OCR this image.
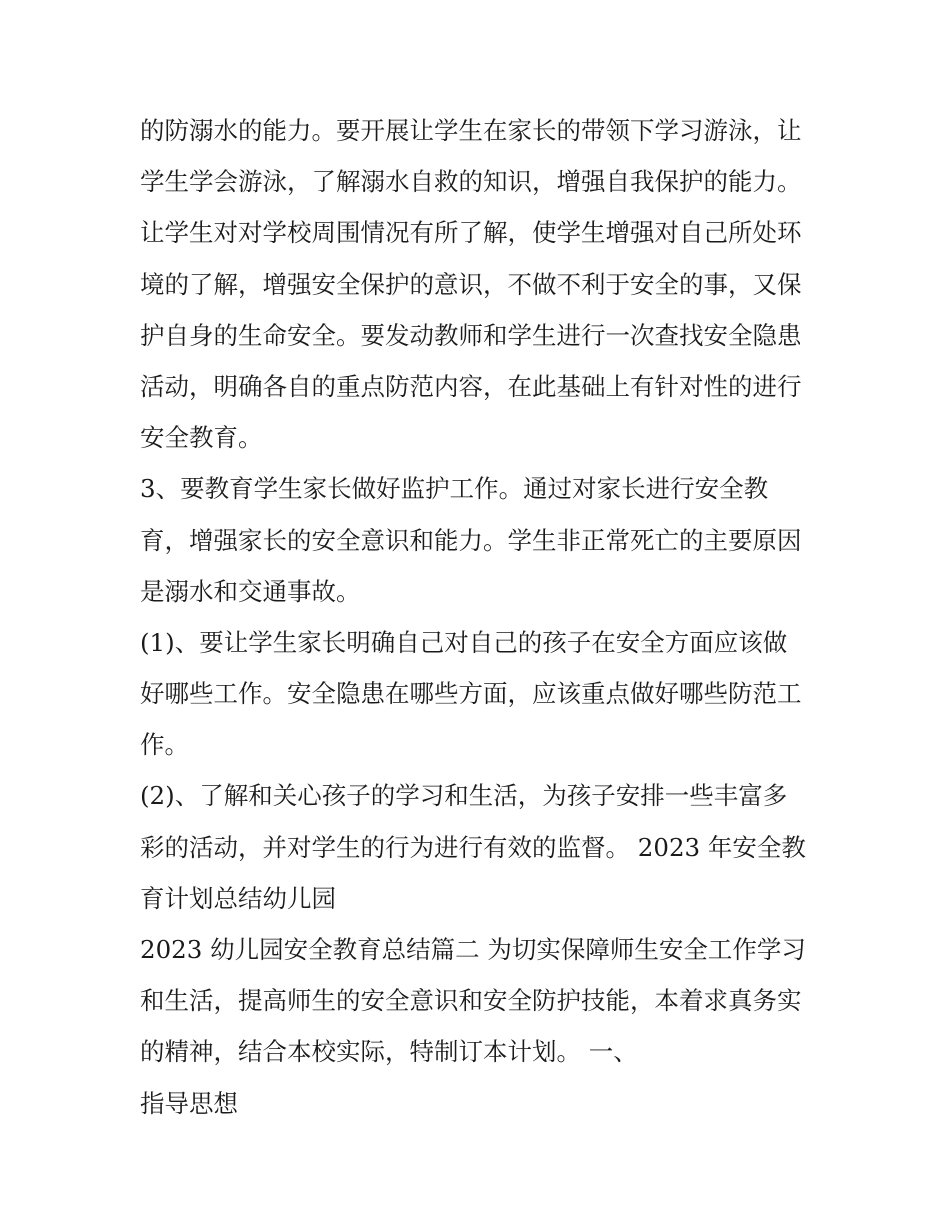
的防溺水的能力。要开展让学生在家长的带领下学习游泳，让
学生学会游泳，了解溺水自救的知识，增强自我保护的能力。
让学生对对学校周围情况有所了解，使学生增强对自己所处环
境的了解，增强安全保护的意识，不做不利于安全的事，又保
护自身的生命安全。要发动教师和学生进行一次查找安全隐患
活动，明确各自的重点防范内容，在此基础上有针对性的进行
安全教育。
3、要教育学生家长做好监护工作。通过对家长进行安全教
育，增强家长的安全意识和能力。学生非正常死亡的主要原因
是溺水和交通事故。
(1)、要让学生家长明确自己对自己的孩子在安全方面应该做
好哪些工作。安全隐患在哪些方面，应该重点做好哪些防范工
作。
(2)、了解和关心孩子的学习和生活，为孩子安排一些丰富多
彩的活动，并对学生的行为进行有效的监督。 2023 年安全教
育计划总结幼儿园
2023 幼儿园安全教育总结篇二 为切实保障师生安全工作学习
和生活，提高师生的安全意识和安全防护技能，本着求真务实
的精神，结合本校实际，特制订本计划。 一、
指导思想
